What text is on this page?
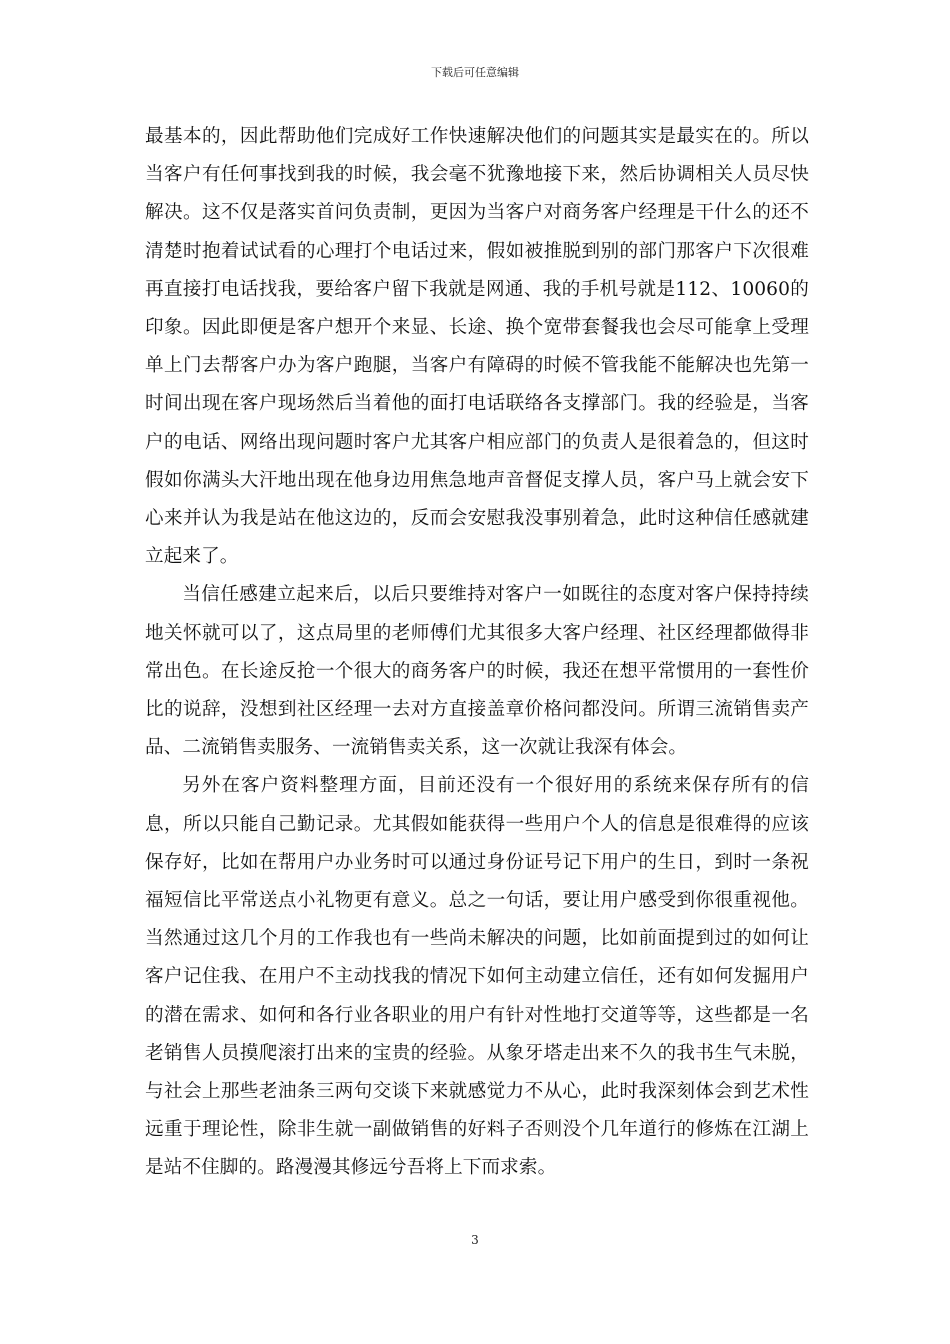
下载后可任意编辑

最基本的，因此帮助他们完成好工作快速解决他们的问题其实是最实在的。所以当客户有任何事找到我的时候，我会毫不犹豫地接下来，然后协调相关人员尽快解决。这不仅是落实首问负责制，更因为当客户对商务客户经理是干什么的还不清楚时抱着试试看的心理打个电话过来，假如被推脱到别的部门那客户下次很难再直接打电话找我，要给客户留下我就是网通、我的手机号就是112、10060的印象。因此即便是客户想开个来显、长途、换个宽带套餐我也会尽可能拿上受理单上门去帮客户办为客户跑腿，当客户有障碍的时候不管我能不能解决也先第一时间出现在客户现场然后当着他的面打电话联络各支撑部门。我的经验是，当客户的电话、网络出现问题时客户尤其客户相应部门的负责人是很着急的，但这时假如你满头大汗地出现在他身边用焦急地声音督促支撑人员，客户马上就会安下心来并认为我是站在他这边的，反而会安慰我没事别着急，此时这种信任感就建立起来了。

当信任感建立起来后，以后只要维持对客户一如既往的态度对客户保持持续地关怀就可以了，这点局里的老师傅们尤其很多大客户经理、社区经理都做得非常出色。在长途反抢一个很大的商务客户的时候，我还在想平常惯用的一套性价比的说辞，没想到社区经理一去对方直接盖章价格问都没问。所谓三流销售卖产品、二流销售卖服务、一流销售卖关系，这一次就让我深有体会。

另外在客户资料整理方面，目前还没有一个很好用的系统来保存所有的信息，所以只能自己勤记录。尤其假如能获得一些用户个人的信息是很难得的应该保存好，比如在帮用户办业务时可以通过身份证号记下用户的生日，到时一条祝福短信比平常送点小礼物更有意义。总之一句话，要让用户感受到你很重视他。当然通过这几个月的工作我也有一些尚未解决的问题，比如前面提到过的如何让客户记住我、在用户不主动找我的情况下如何主动建立信任，还有如何发掘用户的潜在需求、如何和各行业各职业的用户有针对性地打交道等等，这些都是一名老销售人员摸爬滚打出来的宝贵的经验。从象牙塔走出来不久的我书生气未脱，与社会上那些老油条三两句交谈下来就感觉力不从心，此时我深刻体会到艺术性远重于理论性，除非生就一副做销售的好料子否则没个几年道行的修炼在江湖上是站不住脚的。路漫漫其修远兮吾将上下而求索。

3
